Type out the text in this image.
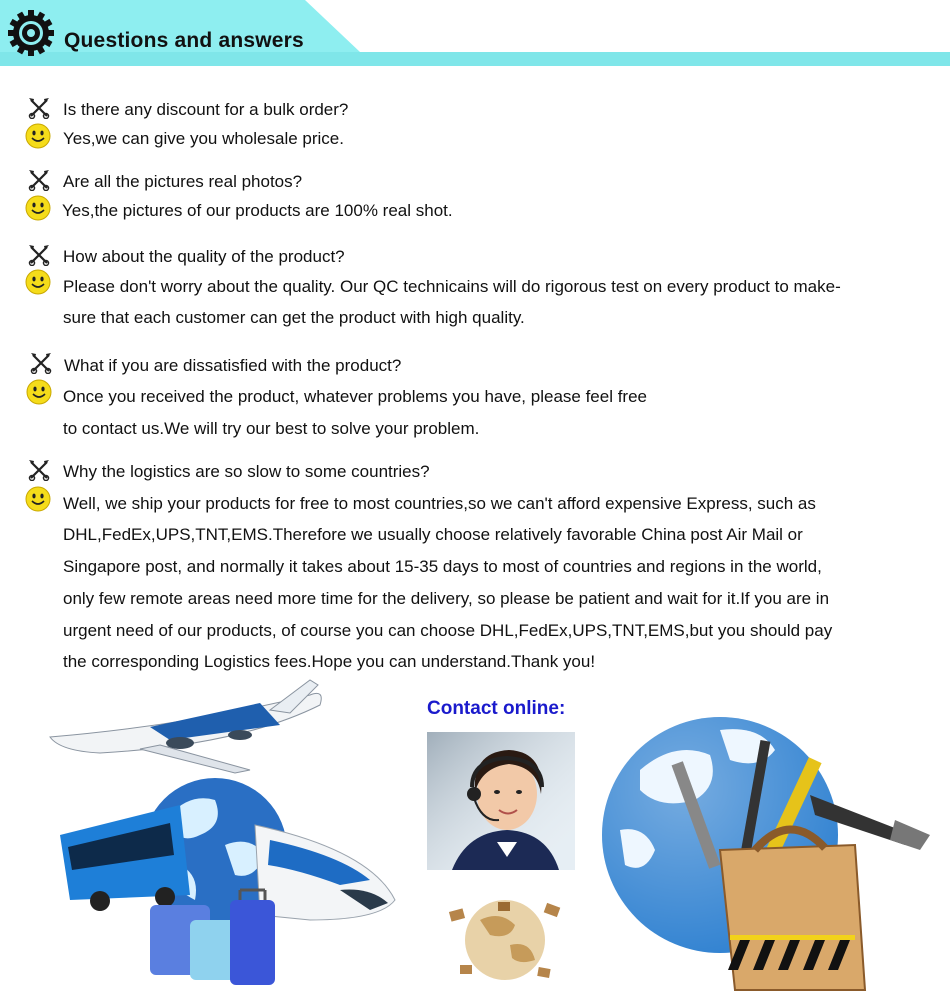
Questions and answers
Is there any discount for a bulk order?
Yes,we can give you wholesale price.
Are all the pictures real photos?
Yes,the pictures of our products are 100% real shot.
How about the quality of the product?
Please don't worry about the quality. Our QC technicains will do rigorous test on every product to make-
sure that each customer can get the product with high quality.
What if you are dissatisfied with the product?
Once you received the product, whatever problems you have, please feel free
to contact us.We will try our best to solve your problem.
Why the logistics are so slow to some countries?
Well, we ship your products for free to most countries,so we can't afford expensive Express, such as
DHL,FedEx,UPS,TNT,EMS.Therefore we usually choose relatively favorable China post Air Mail or
Singapore post, and normally it takes about 15-35 days to most of countries and regions in the world,
only few remote areas need more time for the delivery, so please be patient and wait for it.If you are in
urgent need of our products, of course you can choose DHL,FedEx,UPS,TNT,EMS,but you should pay
the corresponding Logistics fees.Hope you can understand.Thank you!
Contact online:
